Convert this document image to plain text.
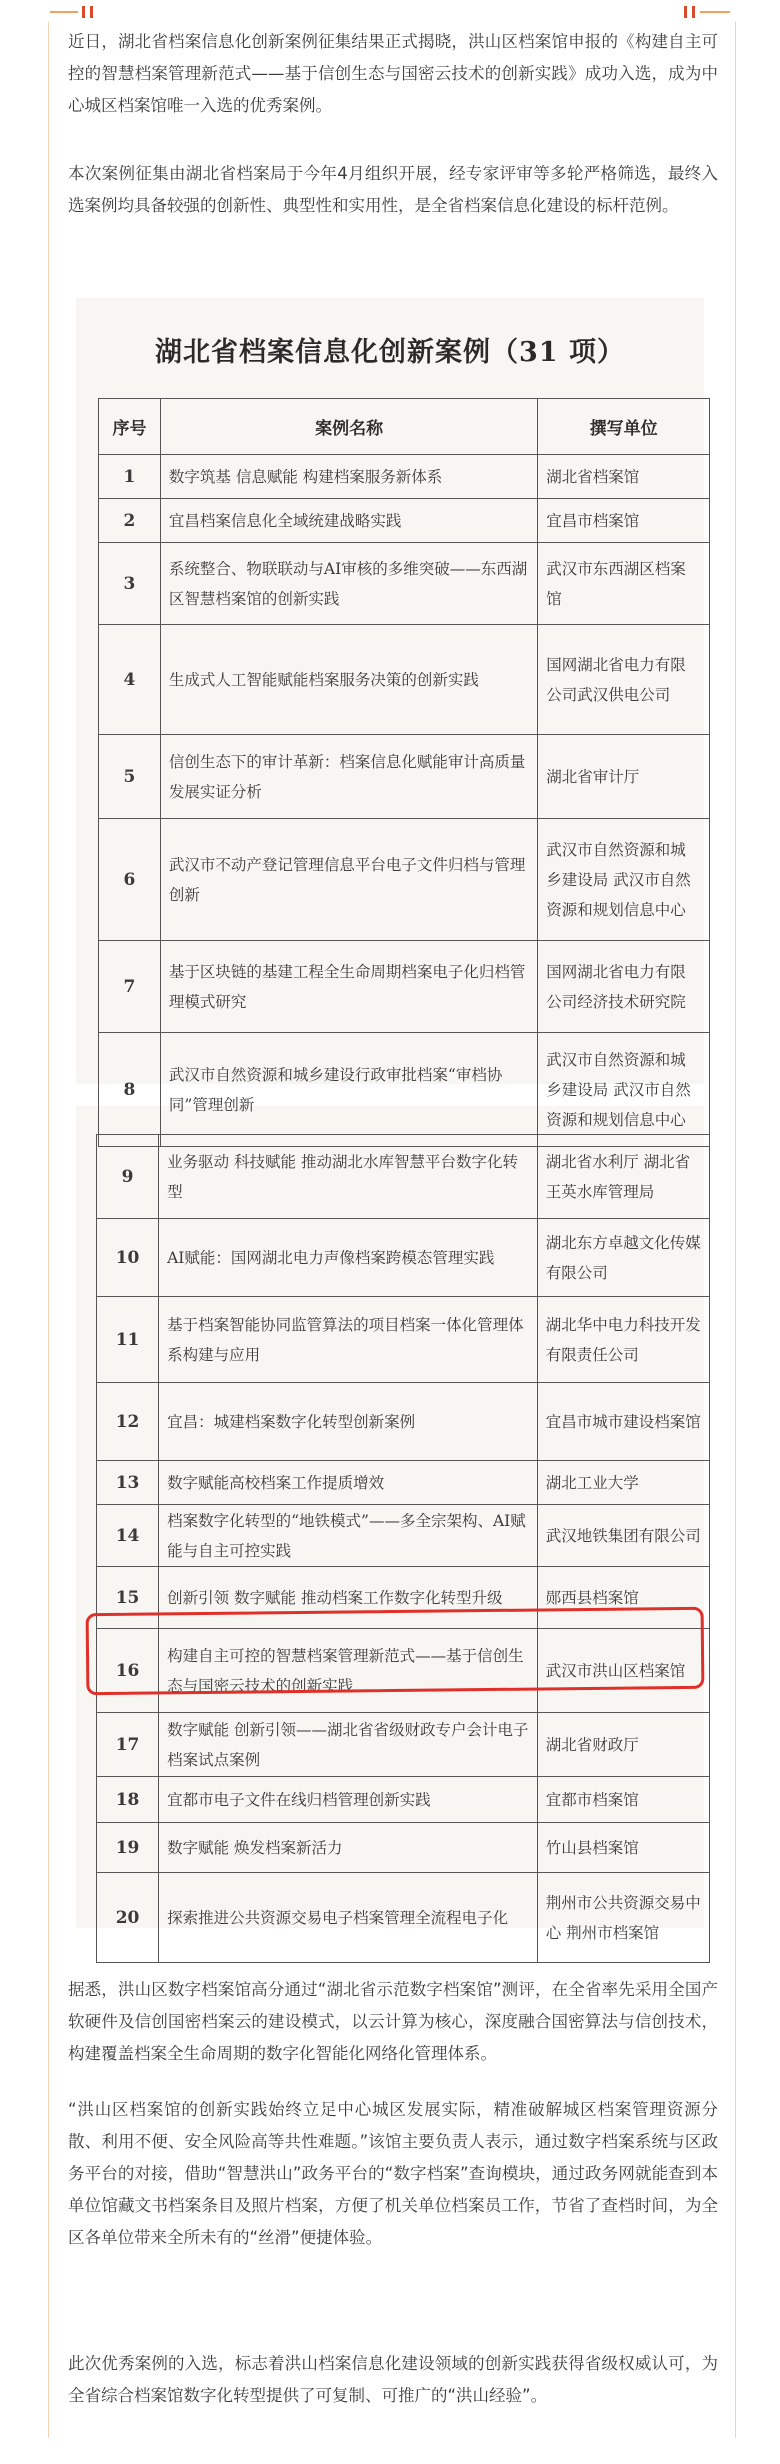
近日，湖北省档案信息化创新案例征集结果正式揭晓，洪山区档案馆申报的《构建自主可控的智慧档案管理新范式——基于信创生态与国密云技术的创新实践》成功入选，成为中心城区档案馆唯一入选的优秀案例。

本次案例征集由湖北省档案局于今年4月组织开展，经专家评审等多轮严格筛选，最终入选案例均具备较强的创新性、典型性和实用性，是全省档案信息化建设的标杆范例。

湖北省档案信息化创新案例（31 项）
序号	案例名称	撰写单位
1	数字筑基 信息赋能 构建档案服务新体系	湖北省档案馆
2	宜昌档案信息化全域统建战略实践	宜昌市档案馆
3	系统整合、物联联动与AI审核的多维突破——东西湖区智慧档案馆的创新实践	武汉市东西湖区档案馆
4	生成式人工智能赋能档案服务决策的创新实践	国网湖北省电力有限公司武汉供电公司
5	信创生态下的审计革新：档案信息化赋能审计高质量发展实证分析	湖北省审计厅
6	武汉市不动产登记管理信息平台电子文件归档与管理创新	武汉市自然资源和城乡建设局 武汉市自然资源和规划信息中心
7	基于区块链的基建工程全生命周期档案电子化归档管理模式研究	国网湖北省电力有限公司经济技术研究院
8	武汉市自然资源和城乡建设行政审批档案“审档协同”管理创新	武汉市自然资源和城乡建设局 武汉市自然资源和规划信息中心
9	业务驱动 科技赋能 推动湖北水库智慧平台数字化转型	湖北省水利厅 湖北省王英水库管理局
10	AI赋能：国网湖北电力声像档案跨模态管理实践	湖北东方卓越文化传媒有限公司
11	基于档案智能协同监管算法的项目档案一体化管理体系构建与应用	湖北华中电力科技开发有限责任公司
12	宜昌：城建档案数字化转型创新案例	宜昌市城市建设档案馆
13	数字赋能高校档案工作提质增效	湖北工业大学
14	档案数字化转型的“地铁模式”——多全宗架构、AI赋能与自主可控实践	武汉地铁集团有限公司
15	创新引领 数字赋能 推动档案工作数字化转型升级	郧西县档案馆
16	构建自主可控的智慧档案管理新范式——基于信创生态与国密云技术的创新实践	武汉市洪山区档案馆
17	数字赋能 创新引领——湖北省省级财政专户会计电子档案试点案例	湖北省财政厅
18	宜都市电子文件在线归档管理创新实践	宜都市档案馆
19	数字赋能 焕发档案新活力	竹山县档案馆
20	探索推进公共资源交易电子档案管理全流程电子化	荆州市公共资源交易中心 荆州市档案馆

据悉，洪山区数字档案馆高分通过“湖北省示范数字档案馆”测评，在全省率先采用全国产软硬件及信创国密档案云的建设模式，以云计算为核心，深度融合国密算法与信创技术，构建覆盖档案全生命周期的数字化智能化网络化管理体系。

“洪山区档案馆的创新实践始终立足中心城区发展实际，精准破解城区档案管理资源分散、利用不便、安全风险高等共性难题。”该馆主要负责人表示，通过数字档案系统与区政务平台的对接，借助“智慧洪山”政务平台的“数字档案”查询模块，通过政务网就能查到本单位馆藏文书档案条目及照片档案，方便了机关单位档案员工作，节省了查档时间，为全区各单位带来全所未有的“丝滑”便捷体验。

此次优秀案例的入选，标志着洪山档案信息化建设领域的创新实践获得省级权威认可，为全省综合档案馆数字化转型提供了可复制、可推广的“洪山经验”。
